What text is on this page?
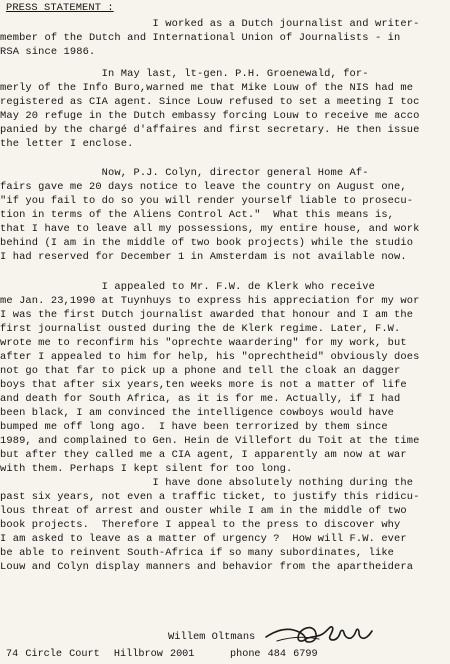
PRESS STATEMENT :
I worked as a Dutch journalist and writer-
member of the Dutch and International Union of Journalists - in
RSA since 1986.
In May last, lt-gen. P.H. Groenewald, for-
merly of the Info Buro,warned me that Mike Louw of the NIS had me
registered as CIA agent. Since Louw refused to set a meeting I toc
May 20 refuge in the Dutch embassy forcing Louw to receive me acco
panied by the chargé d'affaires and first secretary. He then issue
the letter I enclose.
Now, P.J. Colyn, director general Home Af-
fairs gave me 20 days notice to leave the country on August one,
"if you fail to do so you will render yourself liable to prosecu-
tion in terms of the Aliens Control Act."  What this means is,
that I have to leave all my possessions, my entire house, and work
behind (I am in the middle of two book projects) while the studio
I had reserved for December 1 in Amsterdam is not available now.
I appealed to Mr. F.W. de Klerk who receive
me Jan. 23,1990 at Tuynhuys to express his appreciation for my wor
I was the first Dutch journalist awarded that honour and I am the
first journalist ousted during the de Klerk regime. Later, F.W.
wrote me to reconfirm his "oprechte waardering" for my work, but
after I appealed to him for help, his "oprechtheid" obviously does
not go that far to pick up a phone and tell the cloak an dagger
boys that after six years,ten weeks more is not a matter of life
and death for South Africa, as it is for me. Actually, if I had
been black, I am convinced the intelligence cowboys would have
bumped me off long ago.  I have been terrorized by them since
1989, and complained to Gen. Hein de Villefort du Toit at the time
but after they called me a CIA agent, I apparently am now at war
with them. Perhaps I kept silent for too long.
I have done absolutely nothing during the
past six years, not even a traffic ticket, to justify this ridicu-
lous threat of arrest and ouster while I am in the middle of two
book projects.  Therefore I appeal to the press to discover why
I am asked to leave as a matter of urgency ?  How will F.W. ever
be able to reinvent South-Africa if so many subordinates, like
Louw and Colyn display manners and behavior from the apartheidera
Willem Oltmans
74 Circle Court  Hillbrow 2001     phone 484 6799
